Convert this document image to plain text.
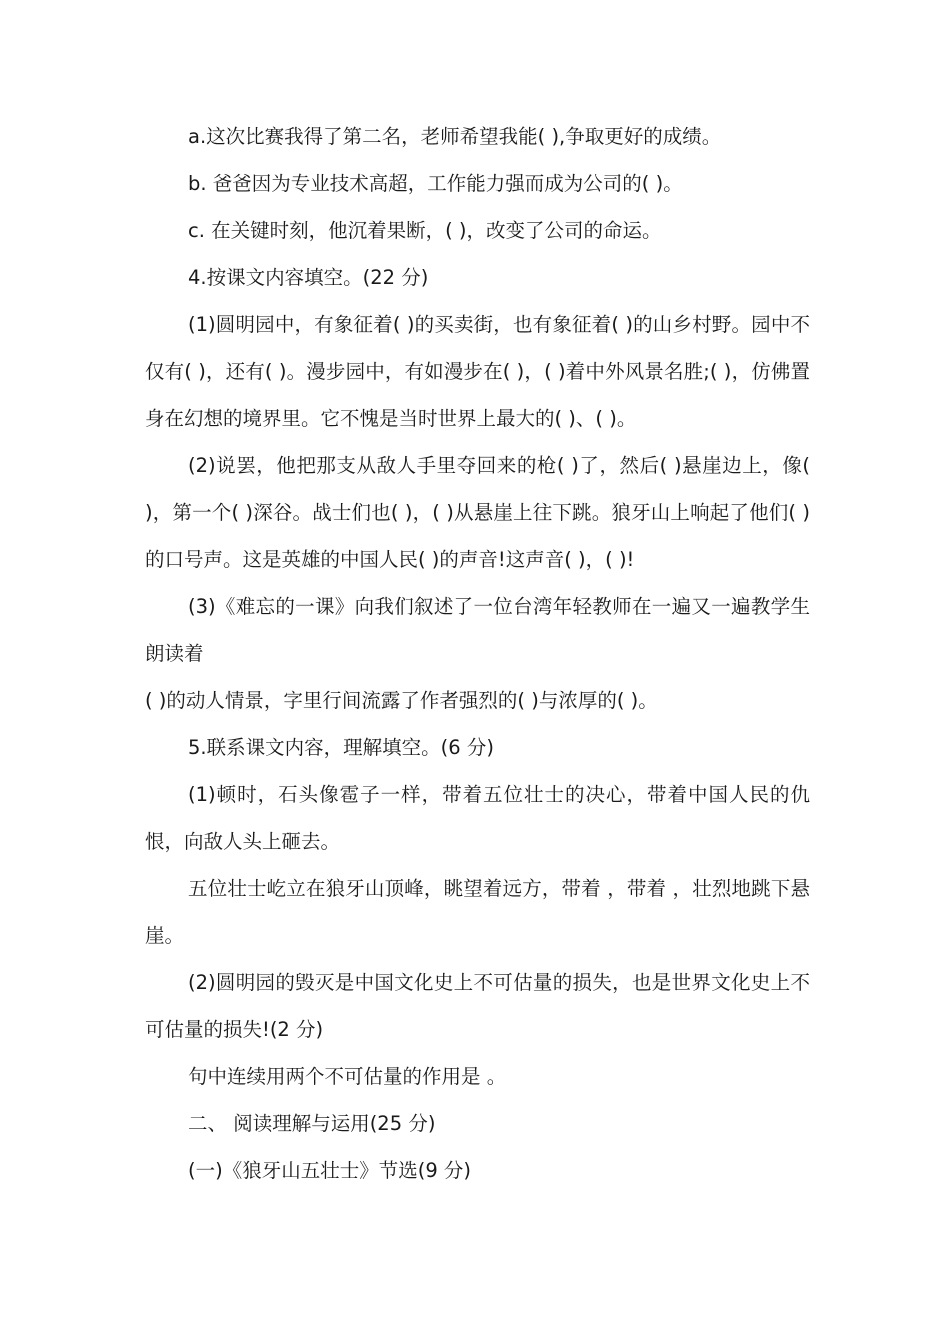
a.这次比赛我得了第二名，老师希望我能( ),争取更好的成绩。

b. 爸爸因为专业技术高超，工作能力强而成为公司的( )。

c. 在关键时刻，他沉着果断，( )，改变了公司的命运。

4.按课文内容填空。(22 分)

(1)圆明园中，有象征着( )的买卖街，也有象征着( )的山乡村野。园中不仅有( )，还有( )。漫步园中，有如漫步在( )，( )着中外风景名胜;( )，仿佛置身在幻想的境界里。它不愧是当时世界上最大的( )、( )。

(2)说罢，他把那支从敌人手里夺回来的枪( )了，然后( )悬崖边上，像( )，第一个( )深谷。战士们也( )，( )从悬崖上往下跳。狼牙山上响起了他们( )的口号声。这是英雄的中国人民( )的声音!这声音( )，( )!

(3)《难忘的一课》向我们叙述了一位台湾年轻教师在一遍又一遍教学生朗读着

( )的动人情景，字里行间流露了作者强烈的( )与浓厚的( )。

5.联系课文内容，理解填空。(6 分)

(1)顿时，石头像雹子一样，带着五位壮士的决心，带着中国人民的仇恨，向敌人头上砸去。

五位壮士屹立在狼牙山顶峰，眺望着远方，带着 ，带着 ，壮烈地跳下悬崖。

(2)圆明园的毁灭是中国文化史上不可估量的损失，也是世界文化史上不可估量的损失!(2 分)

句中连续用两个不可估量的作用是 。

二、 阅读理解与运用(25 分)

(一)《狼牙山五壮士》节选(9 分)
